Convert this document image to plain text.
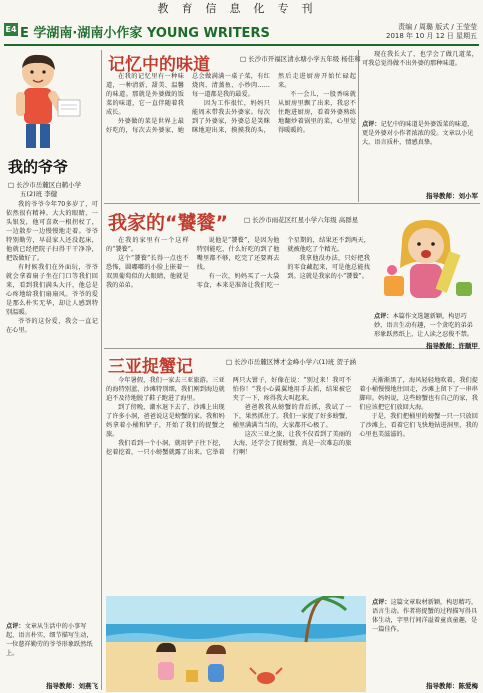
教育信息化专刊
E4 E 学湖南·湖南小作家 YOUNG WRITERS	责编 / 周璐 版式 / 王莹莹
2018 年 10 月 12 日 星期五
我的爷爷
□ 长沙市岳麓区白鹤小学
五(2)班 李健

我的爷爷今年70多岁了，可依然很有精神。大大的眼睛，一头银发，他可喜欢一根拐杖了，一边散步一边慢慢地走着。爷爷特别勤劳，早晨家人还没起床，他就已经把院子扫得干干净净，把饭做好了。

有时候我们在外面玩，爷爷就会拿着扇子坐在门口等我们回来，看到我们满头大汗，他总是心疼地给我们扇扇风。爷爷的爱是那么朴实无华，却让人感到特别温暖。

爷爷的这份爱，我会一直记在心里。

点评：文章从生活中的小事写起，语言朴实，细节描写生动，一位慈祥勤劳的爷爷形象跃然纸上。
指导教师：刘燕飞
记忆中的味道	□ 长沙市开福区清水塘小学五年级 杨佳和

在我的记忆里有一种味道，一种清新、甜美、温馨的味道。那就是外婆做的饭菜的味道，它一直伴随着我成长。

外婆做的菜是世界上最好吃的，每次去外婆家，她总会做满满一桌子菜，有红烧肉、清蒸鱼、小炒肉……每一道都是我的最爱。

因为工作很忙，妈妈只能周末带我去外婆家。每次到了外婆家，外婆总是笑眯眯地迎出来，摸摸我的头，然后走进厨房开始忙碌起来。

不一会儿，一股香味就从厨房里飘了出来，我忍不住跑进厨房，看着外婆熟练地翻炒着锅里的菜，心里觉得暖暖的。

现在我长大了，也学会了做几道菜，可我总觉得做不出外婆的那种味道。

点评：记忆中的味道是外婆饭菜的味道，更是外婆对小作者浓浓的爱。文章以小见大，语言质朴，情感真挚。
指导教师：刘小军
我家的“饕餮” □ 长沙市雨花区红星小学六年级 高群星

在我的家里有一个这样的“饕餮”。

这个“饕餮”长得一点也不恐怖，圆嘟嘟的小脸上嵌着一双黑葡萄似的大眼睛，他就是我的弟弟。

说他是“饕餮”，是因为他特别能吃，什么好吃的到了他嘴里都不够，吃完了还要再去找。

有一次，妈妈买了一大袋零食，本来是准备让我们吃一个星期的，结果还不到两天，就被他吃了个精光。

我拿他没办法，只好把我的零食藏起来，可是他总能找到。这就是我家的小“饕餮”。

点评：本篇作文选题新颖，构思巧妙，语言生动有趣，一个贪吃的弟弟形象跃然纸上，让人读之忍俊不禁。
指导教师：许顺甲
三亚捉蟹记	□ 长沙市岳麓区博才金峰小学六(1)班 贺子涵

今年暑假，我们一家去三亚旅游。三亚的海特别蓝，沙滩特别细，我们刚到海边就迫不及待地脱了鞋子跑进了海里。

到了傍晚，潮水退下去了，沙滩上出现了许多小洞，爸爸说这是螃蟹的家。我和妈妈拿着小桶和铲子，开始了我们的捉蟹之旅。

我们看到一个小洞，就用铲子往下挖，挖着挖着，一只小螃蟹就露了出来。它举着两只大钳子，好像在说：“别过来！我可不怕你！”我小心翼翼地用手去抓，结果被它夹了一下，疼得我大叫起来。

爸爸教我从螃蟹的背后抓，我试了一下，果然抓住了。我们一家捉了好多螃蟹，桶里满满当当的，大家都开心极了。

这次三亚之旅，让我不仅看到了美丽的大海，还学会了捉螃蟹，真是一次难忘的旅行啊！

天渐渐黑了，海风轻轻地吹着，我们提着小桶慢慢地往回走，沙滩上留下了一串串脚印。妈妈说，这些螃蟹也有自己的家，我们应该把它们放回大海。

于是，我们把桶里的螃蟹一只一只放回了沙滩上，看着它们飞快地钻进洞里，我的心里也美滋滋的。

点评：这篇文章取材新颖，构思精巧，语言生动。作者将捉蟹的过程描写得具体生动，字里行间洋溢着童真童趣，是一篇佳作。
指导教师：陈爱梅
